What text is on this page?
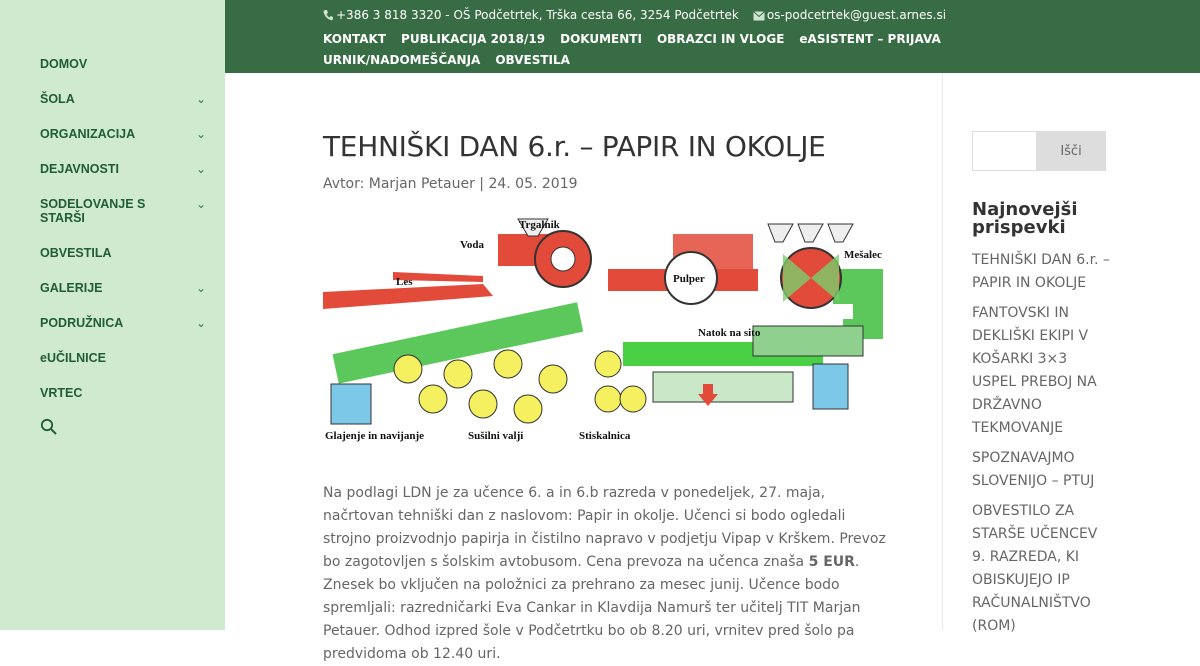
DOMOV
ŠOLA	⌄
ORGANIZACIJA	⌄
DEJAVNOSTI	⌄
SODELOVANJE S STARŠI
⌄
OBVESTILA
GALERIJE	⌄
PODRUŽNICA	⌄
eUČILNICE
VRTEC
+386 3 818 3320 - OŠ Podčetrtek, Trška cesta 66, 3254 Podčetrtek os-podcetrtek@guest.arnes.si
KONTAKT PUBLIKACIJA 2018/19 DOKUMENTI OBRAZCI IN VLOGE eASISTENT – PRIJAVAURNIK/NADOMEŠČANJA OBVESTILA
TEHNIŠKI DAN 6.r. – PAPIR IN OKOLJE
Avtor: Marjan Petauer | 24. 05. 2019
Trgalnik
Voda
Les	Pulper
Mešalec
Natok na sito
Glajenje in navijanje	Sušilni valji	Stiskalnica

Na podlagi LDN je za učence 6. a in 6.b razreda v ponedeljek, 27. maja, načrtovan tehniški dan z naslovom: Papir in okolje. Učenci si bodo ogledali strojno proizvodnjo papirja in čistilno napravo v podjetju Vipap v Krškem. Prevoz bo zagotovljen s šolskim avtobusom. Cena prevoza na učenca znaša 5 EUR. Znesek bo vključen na položnici za prehrano za mesec junij. Učence bodo spremljali: razredničarki Eva Cankar in Klavdija Namurš ter učitelj TIT Marjan Petauer. Odhod izpred šole v Podčetrtku bo ob 8.20 uri, vrnitev pred šolo pa predvidoma ob 12.40 uri.

Išči
Najnovejši prispevki
TEHNIŠKI DAN 6.r. – PAPIR IN OKOLJE
FANTOVSKI IN DEKLIŠKI EKIPI V KOŠARKI 3×3 USPEL PREBOJ NA DRŽAVNO TEKMOVANJE
SPOZNAVAJMO SLOVENIJO – PTUJ
OBVESTILO ZA STARŠE UČENCEV 9. RAZREDA, KI OBISKUJEJO IP RAČUNALNIŠTVO (ROM)
